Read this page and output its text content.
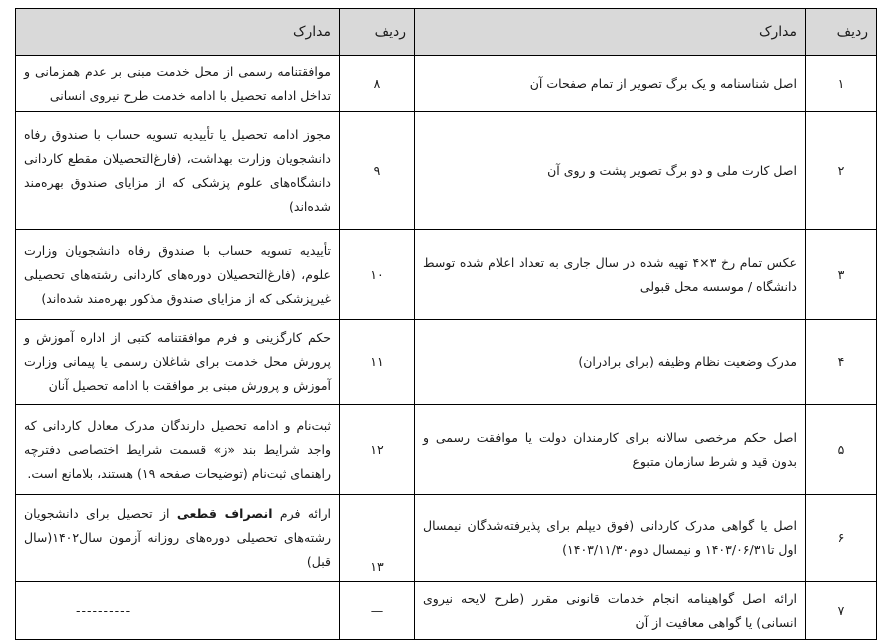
ردیف	مدارک	ردیف	مدارک
۱	اصل شناسنامه و یک برگ تصویر از تمام صفحات آن	۸	موافقتنامه رسمی از محل خدمت مبنی بر عدم همزمانی و تداخل ادامه تحصیل با ادامه خدمت طرح نیروی انسانی
۲	اصل کارت ملی و دو برگ تصویر پشت و روی آن	۹	مجوز ادامه تحصیل یا تأییدیه تسویه حساب با صندوق رفاه دانشجویان وزارت بهداشت، (فارغ‌التحصیلان مقطع کاردانی دانشگاه‌های علوم پزشکی که از مزایای صندوق بهره‌مند شده‌اند)
۳	عکس تمام رخ ۳×۴ تهیه شده در سال جاری به تعداد اعلام شده توسط دانشگاه / موسسه محل قبولی	۱۰	تأییدیه تسویه حساب با صندوق رفاه دانشجویان وزارت علوم، (فارغ‌التحصیلان دوره‌های کاردانی رشته‌های تحصیلی غیرپزشکی که از مزایای صندوق مذکور بهره‌مند شده‌اند)
۴	مدرک وضعیت نظام وظیفه (برای برادران)	۱۱	حکم کارگزینی و فرم موافقتنامه کتبی از اداره آموزش و پرورش محل خدمت برای شاغلان رسمی یا پیمانی وزارت آموزش و پرورش مبنی بر موافقت با ادامه تحصیل آنان
۵	اصل حکم مرخصی سالانه برای کارمندان دولت یا موافقت رسمی و بدون قید و شرط سازمان متبوع	۱۲	ثبت‌نام و ادامه تحصیل دارندگان مدرک معادل کاردانی که واجد شرایط بند «ز» قسمت شرایط اختصاصی دفترچه راهنمای ثبت‌نام (توضیحات صفحه ۱۹) هستند، بلامانع است.
۶	اصل یا گواهی مدرک کاردانی (فوق دیپلم برای پذیرفته‌شدگان نیمسال اول تا۱۴۰۳/۰۶/۳۱ و نیمسال دوم۱۴۰۳/۱۱/۳۰)	۱۳	ارائه فرم انصراف قطعی از تحصیل برای دانشجویان رشته‌های تحصیلی دوره‌های روزانه آزمون سال۱۴۰۲(سال قبل)
۷	ارائه اصل گواهینامه انجام خدمات قانونی مقرر (طرح لایحه نیروی انسانی) یا گواهی معافیت از آن	—	----------
